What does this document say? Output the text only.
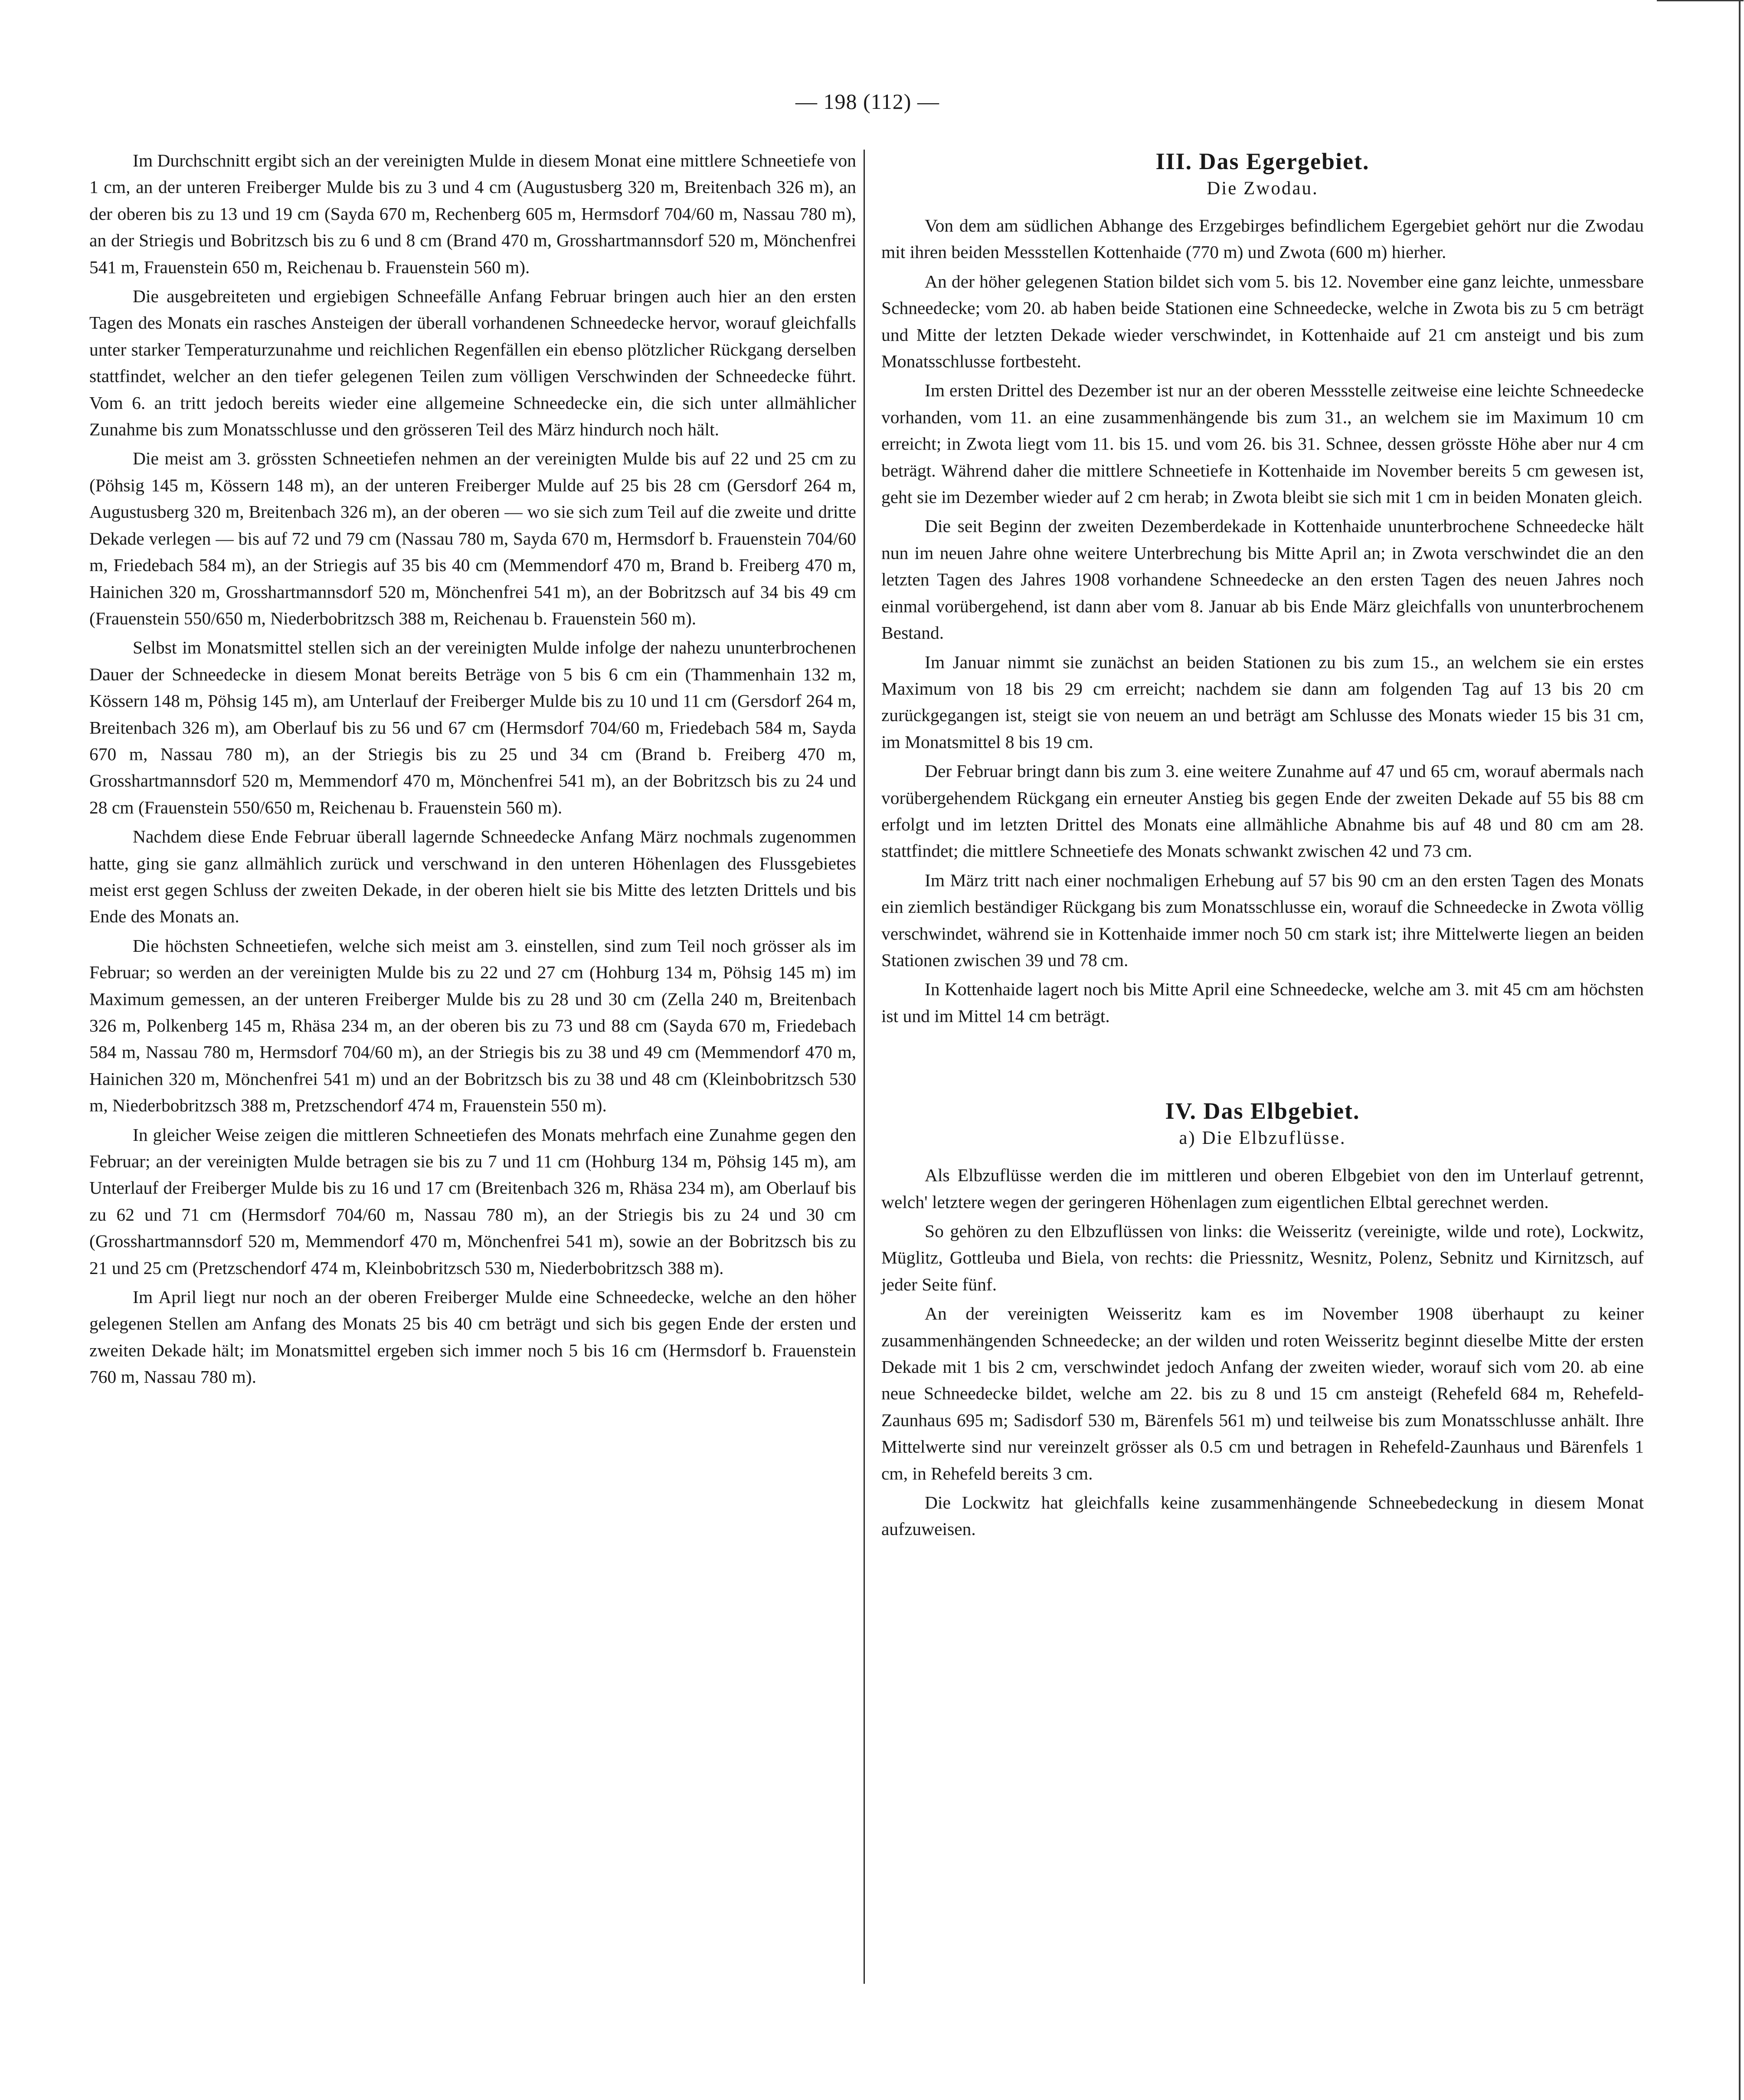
— 198 (112) —

Im Durchschnitt ergibt sich an der vereinigten Mulde in diesem Monat eine mittlere Schneetiefe von 1 cm, an der unteren Freiberger Mulde bis zu 3 und 4 cm (Augustusberg 320 m, Breitenbach 326 m), an der oberen bis zu 13 und 19 cm (Sayda 670 m, Rechenberg 605 m, Hermsdorf 704/60 m, Nassau 780 m), an der Striegis und Bobritzsch bis zu 6 und 8 cm (Brand 470 m, Grosshartmannsdorf 520 m, Mönchenfrei 541 m, Frauenstein 650 m, Reichenau b. Frauenstein 560 m).

Die ausgebreiteten und ergiebigen Schneefälle Anfang Februar bringen auch hier an den ersten Tagen des Monats ein rasches Ansteigen der überall vorhandenen Schneedecke hervor, worauf gleichfalls unter starker Temperaturzunahme und reichlichen Regenfällen ein ebenso plötzlicher Rückgang derselben stattfindet, welcher an den tiefer gelegenen Teilen zum völligen Verschwinden der Schneedecke führt. Vom 6. an tritt jedoch bereits wieder eine allgemeine Schneedecke ein, die sich unter allmählicher Zunahme bis zum Monatsschlusse und den grösseren Teil des März hindurch noch hält.

Die meist am 3. grössten Schneetiefen nehmen an der vereinigten Mulde bis auf 22 und 25 cm zu (Pöhsig 145 m, Kössern 148 m), an der unteren Freiberger Mulde auf 25 bis 28 cm (Gersdorf 264 m, Augustusberg 320 m, Breitenbach 326 m), an der oberen — wo sie sich zum Teil auf die zweite und dritte Dekade verlegen — bis auf 72 und 79 cm (Nassau 780 m, Sayda 670 m, Hermsdorf b. Frauenstein 704/60 m, Friedebach 584 m), an der Striegis auf 35 bis 40 cm (Memmendorf 470 m, Brand b. Freiberg 470 m, Hainichen 320 m, Grosshartmannsdorf 520 m, Mönchenfrei 541 m), an der Bobritzsch auf 34 bis 49 cm (Frauenstein 550/650 m, Niederbobritzsch 388 m, Reichenau b. Frauenstein 560 m).

Selbst im Monatsmittel stellen sich an der vereinigten Mulde infolge der nahezu ununterbrochenen Dauer der Schneedecke in diesem Monat bereits Beträge von 5 bis 6 cm ein (Thammenhain 132 m, Kössern 148 m, Pöhsig 145 m), am Unterlauf der Freiberger Mulde bis zu 10 und 11 cm (Gersdorf 264 m, Breitenbach 326 m), am Oberlauf bis zu 56 und 67 cm (Hermsdorf 704/60 m, Friedebach 584 m, Sayda 670 m, Nassau 780 m), an der Striegis bis zu 25 und 34 cm (Brand b. Freiberg 470 m, Grosshartmannsdorf 520 m, Memmendorf 470 m, Mönchenfrei 541 m), an der Bobritzsch bis zu 24 und 28 cm (Frauenstein 550/650 m, Reichenau b. Frauenstein 560 m).

Nachdem diese Ende Februar überall lagernde Schneedecke Anfang März nochmals zugenommen hatte, ging sie ganz allmählich zurück und verschwand in den unteren Höhenlagen des Flussgebietes meist erst gegen Schluss der zweiten Dekade, in der oberen hielt sie bis Mitte des letzten Drittels und bis Ende des Monats an.

Die höchsten Schneetiefen, welche sich meist am 3. einstellen, sind zum Teil noch grösser als im Februar; so werden an der vereinigten Mulde bis zu 22 und 27 cm (Hohburg 134 m, Pöhsig 145 m) im Maximum gemessen, an der unteren Freiberger Mulde bis zu 28 und 30 cm (Zella 240 m, Breitenbach 326 m, Polkenberg 145 m, Rhäsa 234 m, an der oberen bis zu 73 und 88 cm (Sayda 670 m, Friedebach 584 m, Nassau 780 m, Hermsdorf 704/60 m), an der Striegis bis zu 38 und 49 cm (Memmendorf 470 m, Hainichen 320 m, Mönchenfrei 541 m) und an der Bobritzsch bis zu 38 und 48 cm (Kleinbobritzsch 530 m, Niederbobritzsch 388 m, Pretzschendorf 474 m, Frauenstein 550 m).

In gleicher Weise zeigen die mittleren Schneetiefen des Monats mehrfach eine Zunahme gegen den Februar; an der vereinigten Mulde betragen sie bis zu 7 und 11 cm (Hohburg 134 m, Pöhsig 145 m), am Unterlauf der Freiberger Mulde bis zu 16 und 17 cm (Breitenbach 326 m, Rhäsa 234 m), am Oberlauf bis zu 62 und 71 cm (Hermsdorf 704/60 m, Nassau 780 m), an der Striegis bis zu 24 und 30 cm (Grosshartmannsdorf 520 m, Memmendorf 470 m, Mönchenfrei 541 m), sowie an der Bobritzsch bis zu 21 und 25 cm (Pretzschendorf 474 m, Kleinbobritzsch 530 m, Niederbobritzsch 388 m).

Im April liegt nur noch an der oberen Freiberger Mulde eine Schneedecke, welche an den höher gelegenen Stellen am Anfang des Monats 25 bis 40 cm beträgt und sich bis gegen Ende der ersten und zweiten Dekade hält; im Monatsmittel ergeben sich immer noch 5 bis 16 cm (Hermsdorf b. Frauenstein 760 m, Nassau 780 m).

III. Das Egergebiet.
Die Zwodau.

Von dem am südlichen Abhange des Erzgebirges befindlichem Egergebiet gehört nur die Zwodau mit ihren beiden Messstellen Kottenhaide (770 m) und Zwota (600 m) hierher.

An der höher gelegenen Station bildet sich vom 5. bis 12. November eine ganz leichte, unmessbare Schneedecke; vom 20. ab haben beide Stationen eine Schneedecke, welche in Zwota bis zu 5 cm beträgt und Mitte der letzten Dekade wieder verschwindet, in Kottenhaide auf 21 cm ansteigt und bis zum Monatsschlusse fortbesteht.

Im ersten Drittel des Dezember ist nur an der oberen Messstelle zeitweise eine leichte Schneedecke vorhanden, vom 11. an eine zusammenhängende bis zum 31., an welchem sie im Maximum 10 cm erreicht; in Zwota liegt vom 11. bis 15. und vom 26. bis 31. Schnee, dessen grösste Höhe aber nur 4 cm beträgt. Während daher die mittlere Schneetiefe in Kottenhaide im November bereits 5 cm gewesen ist, geht sie im Dezember wieder auf 2 cm herab; in Zwota bleibt sie sich mit 1 cm in beiden Monaten gleich.

Die seit Beginn der zweiten Dezemberdekade in Kottenhaide ununterbrochene Schneedecke hält nun im neuen Jahre ohne weitere Unterbrechung bis Mitte April an; in Zwota verschwindet die an den letzten Tagen des Jahres 1908 vorhandene Schneedecke an den ersten Tagen des neuen Jahres noch einmal vorübergehend, ist dann aber vom 8. Januar ab bis Ende März gleichfalls von ununterbrochenem Bestand.

Im Januar nimmt sie zunächst an beiden Stationen zu bis zum 15., an welchem sie ein erstes Maximum von 18 bis 29 cm erreicht; nachdem sie dann am folgenden Tag auf 13 bis 20 cm zurückgegangen ist, steigt sie von neuem an und beträgt am Schlusse des Monats wieder 15 bis 31 cm, im Monatsmittel 8 bis 19 cm.

Der Februar bringt dann bis zum 3. eine weitere Zunahme auf 47 und 65 cm, worauf abermals nach vorübergehendem Rückgang ein erneuter Anstieg bis gegen Ende der zweiten Dekade auf 55 bis 88 cm erfolgt und im letzten Drittel des Monats eine allmähliche Abnahme bis auf 48 und 80 cm am 28. stattfindet; die mittlere Schneetiefe des Monats schwankt zwischen 42 und 73 cm.

Im März tritt nach einer nochmaligen Erhebung auf 57 bis 90 cm an den ersten Tagen des Monats ein ziemlich beständiger Rückgang bis zum Monatsschlusse ein, worauf die Schneedecke in Zwota völlig verschwindet, während sie in Kottenhaide immer noch 50 cm stark ist; ihre Mittelwerte liegen an beiden Stationen zwischen 39 und 78 cm.

In Kottenhaide lagert noch bis Mitte April eine Schneedecke, welche am 3. mit 45 cm am höchsten ist und im Mittel 14 cm beträgt.

IV. Das Elbgebiet.
a) Die Elbzuflüsse.

Als Elbzuflüsse werden die im mittleren und oberen Elbgebiet von den im Unterlauf getrennt, welch' letztere wegen der geringeren Höhenlagen zum eigentlichen Elbtal gerechnet werden.

So gehören zu den Elbzuflüssen von links: die Weisseritz (vereinigte, wilde und rote), Lockwitz, Müglitz, Gottleuba und Biela, von rechts: die Priessnitz, Wesnitz, Polenz, Sebnitz und Kirnitzsch, auf jeder Seite fünf.

An der vereinigten Weisseritz kam es im November 1908 überhaupt zu keiner zusammenhängenden Schneedecke; an der wilden und roten Weisseritz beginnt dieselbe Mitte der ersten Dekade mit 1 bis 2 cm, verschwindet jedoch Anfang der zweiten wieder, worauf sich vom 20. ab eine neue Schneedecke bildet, welche am 22. bis zu 8 und 15 cm ansteigt (Rehefeld 684 m, Rehefeld-Zaunhaus 695 m; Sadisdorf 530 m, Bärenfels 561 m) und teilweise bis zum Monatsschlusse anhält. Ihre Mittelwerte sind nur vereinzelt grösser als 0.5 cm und betragen in Rehefeld-Zaunhaus und Bärenfels 1 cm, in Rehefeld bereits 3 cm.

Die Lockwitz hat gleichfalls keine zusammenhängende Schneebedeckung in diesem Monat aufzuweisen.
